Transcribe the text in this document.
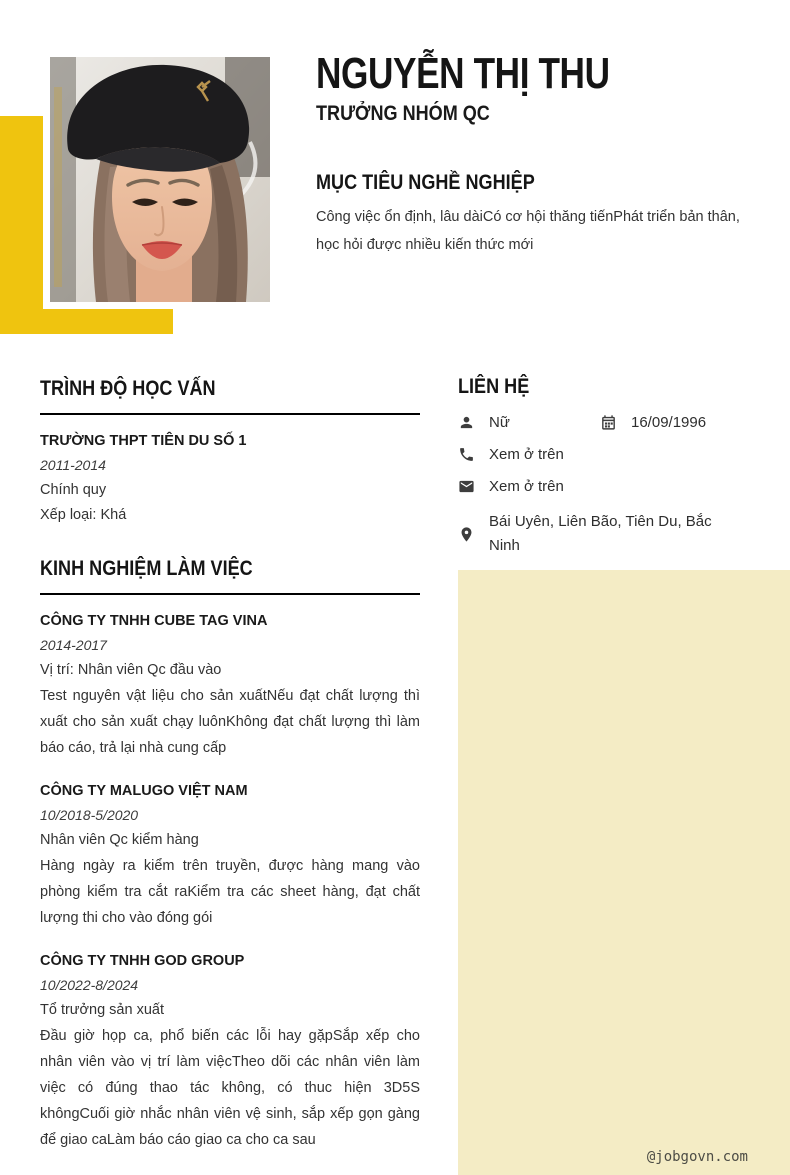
NGUYỄN THỊ THU
TRƯỞNG NHÓM QC
MỤC TIÊU NGHỀ NGHIỆP
Công việc ổn định, lâu dàiCó cơ hội thăng tiếnPhát triển bản thân, học hỏi được nhiều kiến thức mới
TRÌNH ĐỘ HỌC VẤN

TRƯỜNG THPT TIÊN DU SỐ 1

2011-2014

Chính quy

Xếp loại: Khá

KINH NGHIỆM LÀM VIỆC

CÔNG TY TNHH CUBE TAG VINA

2014-2017

Vị trí: Nhân viên Qc đầu vào

Test nguyên vật liệu cho sản xuấtNếu đạt chất lượng thì xuất cho sản xuất chạy luônKhông đạt chất lượng thì làm báo cáo, trả lại nhà cung cấp

CÔNG TY MALUGO VIỆT NAM

10/2018-5/2020

Nhân viên Qc kiểm hàng

Hàng ngày ra kiểm trên truyền, được hàng mang vào phòng kiểm tra cắt raKiểm tra các sheet hàng, đạt chất lượng thi cho vào đóng gói

CÔNG TY TNHH GOD GROUP

10/2022-8/2024

Tổ trưởng sản xuất

Đầu giờ họp ca, phổ biến các lỗi hay gặpSắp xếp cho nhân viên vào vị trí làm việcTheo dõi các nhân viên làm việc có đúng thao tác không, có thuc hiện 3D5S khôngCuối giờ nhắc nhân viên vệ sinh, sắp xếp gọn gàng để giao caLàm báo cáo giao ca cho ca sau

LIÊN HỆ
Nữ	16/09/1996
Xem ở trên
Xem ở trên
Bái Uyên, Liên Bão, Tiên Du, Bắc Ninh
@jobgovn.com
